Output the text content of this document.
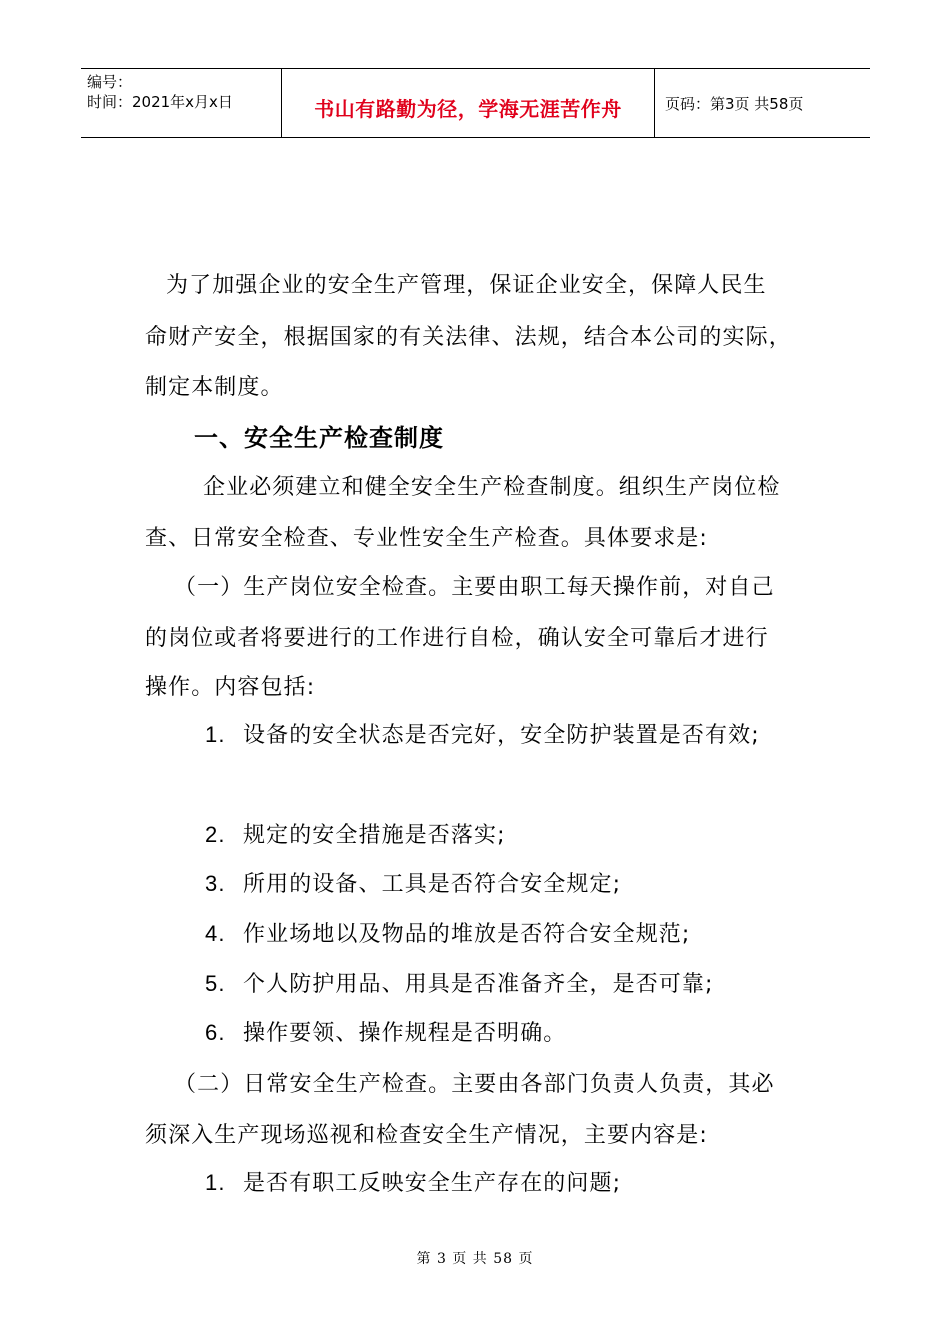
编号：
时间：2021年x月x日	书山有路勤为径，学海无涯苦作舟	页码：第3页 共58页
为了加强企业的安全生产管理，保证企业安全，保障人民生
命财产安全，根据国家的有关法律、法规，结合本公司的实际，
制定本制度。
一、安全生产检查制度
企业必须建立和健全安全生产检查制度。组织生产岗位检
查、日常安全检查、专业性安全生产检查。具体要求是:
（一）生产岗位安全检查。主要由职工每天操作前，对自己
的岗位或者将要进行的工作进行自检，确认安全可靠后才进行
操作。内容包括:
1. 设备的安全状态是否完好，安全防护装置是否有效;
2. 规定的安全措施是否落实;
3. 所用的设备、工具是否符合安全规定;
4. 作业场地以及物品的堆放是否符合安全规范;
5. 个人防护用品、用具是否准备齐全，是否可靠;
6. 操作要领、操作规程是否明确。
（二）日常安全生产检查。主要由各部门负责人负责，其必
须深入生产现场巡视和检查安全生产情况，主要内容是:
1. 是否有职工反映安全生产存在的问题;
第 3 页 共 58 页
